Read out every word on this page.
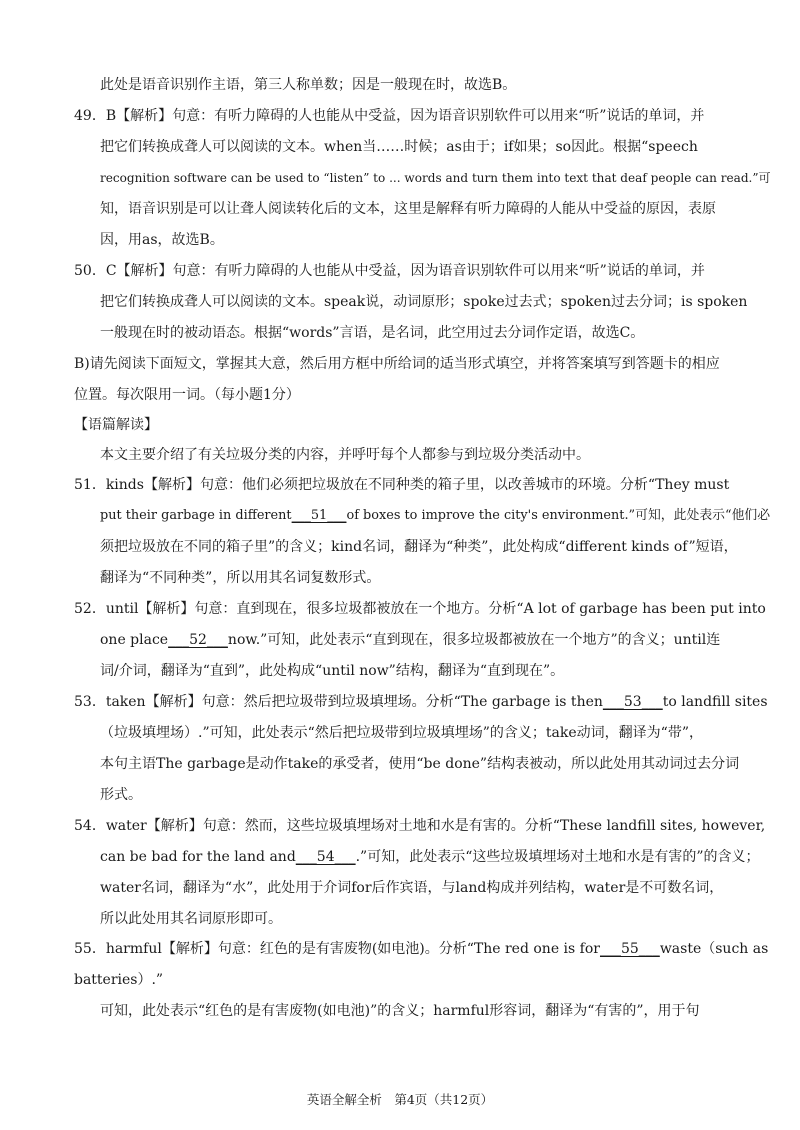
此处是语音识别作主语，第三人称单数；因是一般现在时，故选B。
49．B【解析】句意：有听力障碍的人也能从中受益，因为语音识别软件可以用来“听”说话的单词，并
把它们转换成聋人可以阅读的文本。when当……时候；as由于；if如果；so因此。根据“speech
recognition software can be used to “listen” to ... words and turn them into text that deaf people can read.”可
知，语音识别是可以让聋人阅读转化后的文本，这里是解释有听力障碍的人能从中受益的原因，表原
因，用as，故选B。
50．C【解析】句意：有听力障碍的人也能从中受益，因为语音识别软件可以用来“听”说话的单词，并
把它们转换成聋人可以阅读的文本。speak说，动词原形；spoke过去式；spoken过去分词；is spoken
一般现在时的被动语态。根据“words”言语，是名词，此空用过去分词作定语，故选C。
B)请先阅读下面短文，掌握其大意，然后用方框中所给词的适当形式填空，并将答案填写到答题卡的相应
位置。每次限用一词。（每小题1分）
【语篇解读】
本文主要介绍了有关垃圾分类的内容，并呼吁每个人都参与到垃圾分类活动中。
51．kinds【解析】句意：他们必须把垃圾放在不同种类的箱子里，以改善城市的环境。分析“They must
put their garbage in different___51___of boxes to improve the city's environment.”可知，此处表示“他们必
须把垃圾放在不同的箱子里”的含义；kind名词，翻译为“种类”，此处构成“different kinds of”短语，
翻译为“不同种类”，所以用其名词复数形式。
52．until【解析】句意：直到现在，很多垃圾都被放在一个地方。分析“A lot of garbage has been put into
one place___52___now.”可知，此处表示“直到现在，很多垃圾都被放在一个地方”的含义；until连
词/介词，翻译为“直到”，此处构成“until now”结构，翻译为“直到现在”。
53．taken【解析】句意：然后把垃圾带到垃圾填埋场。分析“The garbage is then___53___to landfill sites
（垃圾填埋场）.”可知，此处表示“然后把垃圾带到垃圾填埋场”的含义；take动词，翻译为“带”，
本句主语The garbage是动作take的承受者，使用“be done”结构表被动，所以此处用其动词过去分词
形式。
54．water【解析】句意：然而，这些垃圾填埋场对土地和水是有害的。分析“These landfill sites, however,
can be bad for the land and___54___.”可知，此处表示“这些垃圾填埋场对土地和水是有害的”的含义；
water名词，翻译为“水”，此处用于介词for后作宾语，与land构成并列结构，water是不可数名词，
所以此处用其名词原形即可。
55．harmful【解析】句意：红色的是有害废物(如电池)。分析“The red one is for___55___waste（such as
batteries）.”
可知，此处表示“红色的是有害废物(如电池)”的含义；harmful形容词，翻译为“有害的”，用于句
英语全解全析　第4页（共12页）
